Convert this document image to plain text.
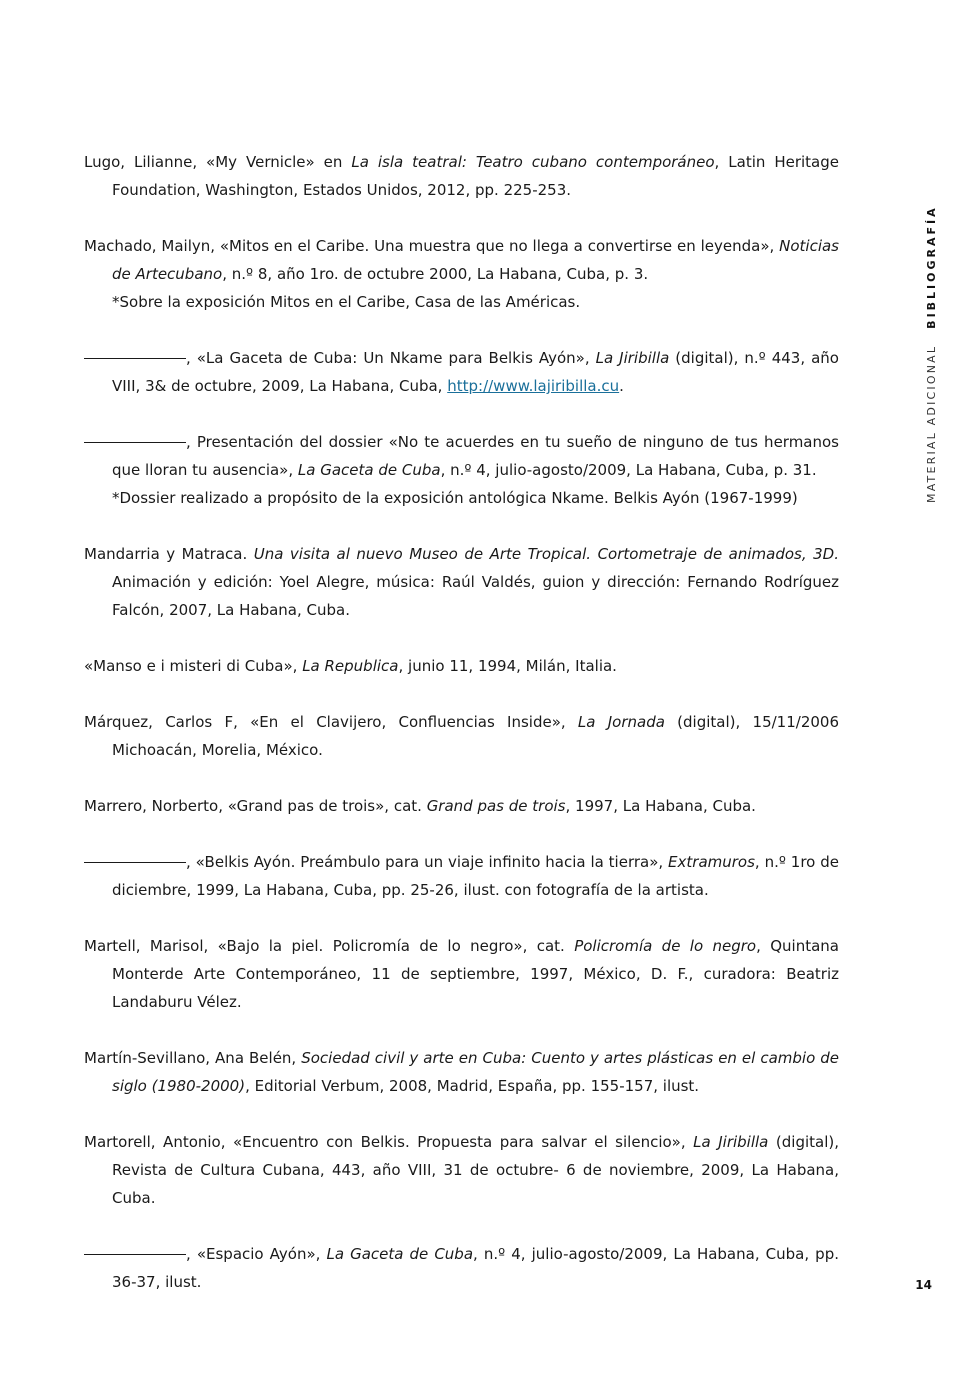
Lugo, Lilianne, «My Vernicle» en La isla teatral: Teatro cubano contemporáneo, Latin Heritage Foundation, Washington, Estados Unidos, 2012, pp. 225-253.

Machado, Mailyn, «Mitos en el Caribe. Una muestra que no llega a convertirse en leyenda», Noticias de Artecubano, n.º 8, año 1ro. de octubre 2000, La Habana, Cuba, p. 3.
*Sobre la exposición Mitos en el Caribe, Casa de las Américas.

, «La Gaceta de Cuba: Un Nkame para Belkis Ayón», La Jiribilla (digital), n.º 443, año VIII, 3& de octubre, 2009, La Habana, Cuba, http://www.lajiribilla.cu.

, Presentación del dossier «No te acuerdes en tu sueño de ninguno de tus hermanos que lloran tu ausencia», La Gaceta de Cuba, n.º 4, julio-agosto/2009, La Habana, Cuba, p. 31.
*Dossier realizado a propósito de la exposición antológica Nkame. Belkis Ayón (1967-1999)

Mandarria y Matraca. Una visita al nuevo Museo de Arte Tropical. Cortometraje de animados, 3D. Animación y edición: Yoel Alegre, música: Raúl Valdés, guion y dirección: Fernando Rodríguez Falcón, 2007, La Habana, Cuba.

«Manso e i misteri di Cuba», La Republica, junio 11, 1994, Milán, Italia.

Márquez, Carlos F, «En el Clavijero, Confluencias Inside», La Jornada (digital), 15/11/2006 Michoacán, Morelia, México.

Marrero, Norberto, «Grand pas de trois», cat. Grand pas de trois, 1997, La Habana, Cuba.

, «Belkis Ayón. Preámbulo para un viaje infinito hacia la tierra», Extramuros, n.º 1ro de diciembre, 1999, La Habana, Cuba, pp. 25-26, ilust. con fotografía de la artista.

Martell, Marisol, «Bajo la piel. Policromía de lo negro», cat. Policromía de lo negro, Quintana Monterde Arte Contemporáneo, 11 de septiembre, 1997, México, D. F., curadora: Beatriz Landaburu Vélez.

Martín-Sevillano, Ana Belén, Sociedad civil y arte en Cuba: Cuento y artes plásticas en el cambio de siglo (1980-2000), Editorial Verbum, 2008, Madrid, España, pp. 155-157, ilust.

Martorell, Antonio, «Encuentro con Belkis. Propuesta para salvar el silencio», La Jiribilla (digital), Revista de Cultura Cubana, 443, año VIII, 31 de octubre- 6 de noviembre, 2009, La Habana, Cuba.

, «Espacio Ayón», La Gaceta de Cuba, n.º 4, julio-agosto/2009, La Habana, Cuba, pp. 36-37, ilust.

MATERIAL ADICIONALBIBLIOGRAFÍA
14
